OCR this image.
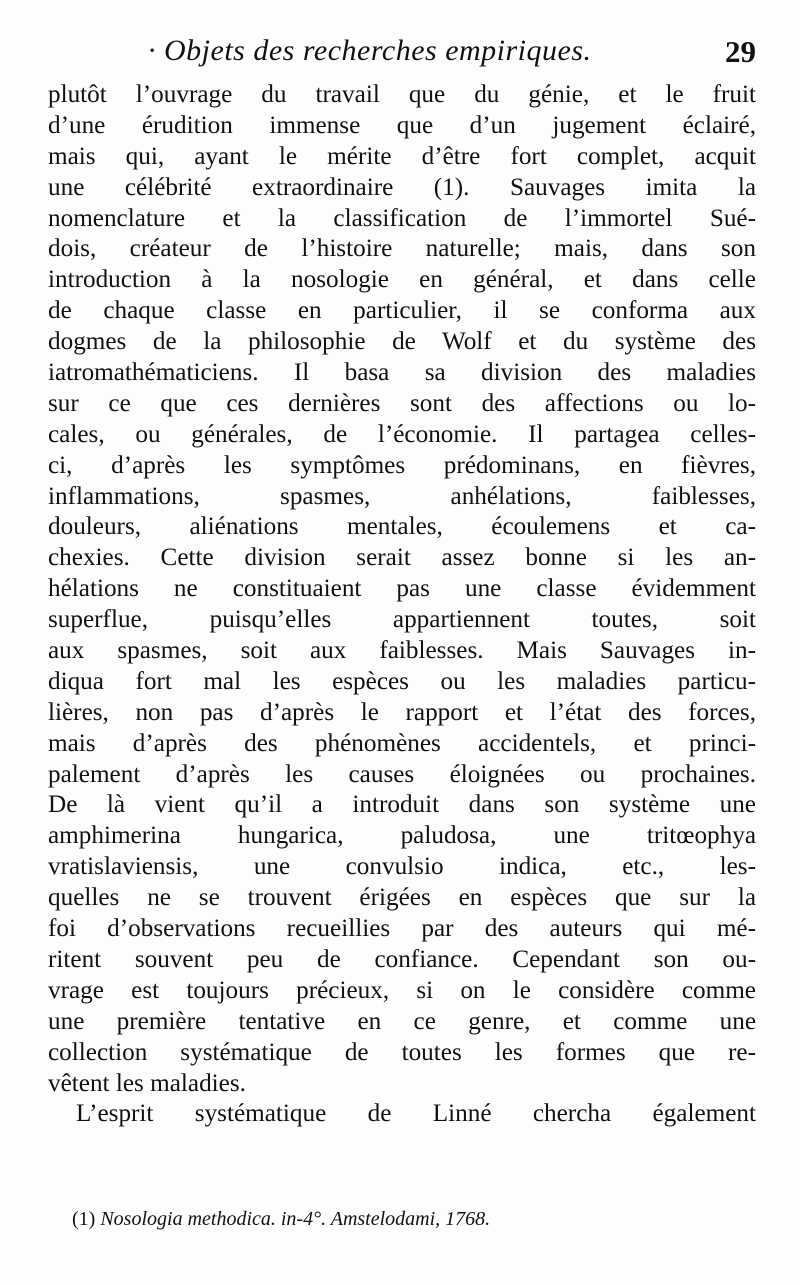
· Objets des recherches empiriques.	29
plutôt l’ouvrage du travail que du génie, et le fruit
d’une érudition immense que d’un jugement éclairé,
mais qui, ayant le mérite d’être fort complet, acquit
une célébrité extraordinaire (1). Sauvages imita la
nomenclature et la classification de l’immortel Sué-
dois, créateur de l’histoire naturelle; mais, dans son
introduction à la nosologie en général, et dans celle
de chaque classe en particulier, il se conforma aux
dogmes de la philosophie de Wolf et du système des
iatromathématiciens. Il basa sa division des maladies
sur ce que ces dernières sont des affections ou lo-
cales, ou générales, de l’économie. Il partagea celles-
ci, d’après les symptômes prédominans, en fièvres,
inflammations, spasmes, anhélations, faiblesses,
douleurs, aliénations mentales, écoulemens et ca-
chexies. Cette division serait assez bonne si les an-
hélations ne constituaient pas une classe évidemment
superflue, puisqu’elles appartiennent toutes, soit
aux spasmes, soit aux faiblesses. Mais Sauvages in-
diqua fort mal les espèces ou les maladies particu-
lières, non pas d’après le rapport et l’état des forces,
mais d’après des phénomènes accidentels, et princi-
palement d’après les causes éloignées ou prochaines.
De là vient qu’il a introduit dans son système une
amphimerina hungarica, paludosa, une tritœophya
vratislaviensis, une convulsio indica, etc., les-
quelles ne se trouvent érigées en espèces que sur la
foi d’observations recueillies par des auteurs qui mé-
ritent souvent peu de confiance. Cependant son ou-
vrage est toujours précieux, si on le considère comme
une première tentative en ce genre, et comme une
collection systématique de toutes les formes que re-
vêtent les maladies.
L’esprit systématique de Linné chercha également
(1) Nosologia methodica. in-4°. Amstelodami, 1768.
